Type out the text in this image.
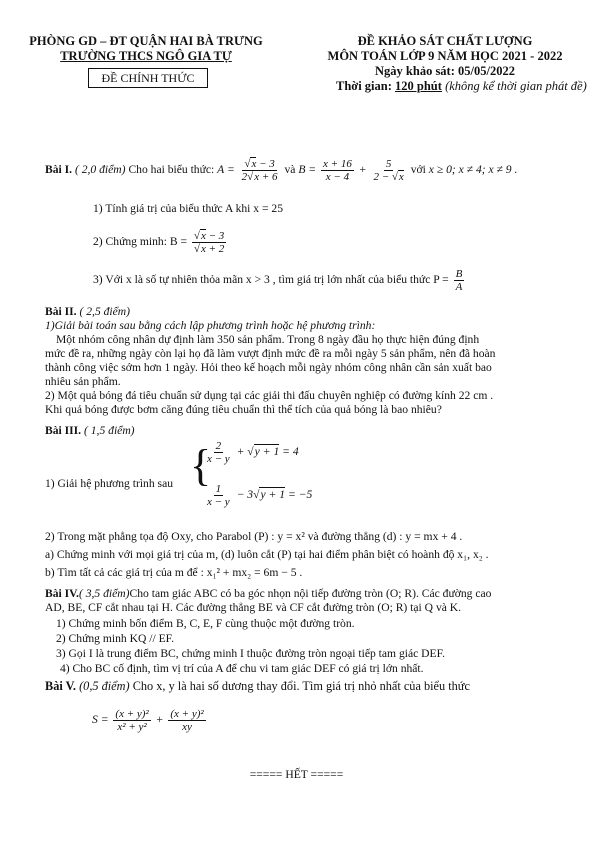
PHÒNG GD – ĐT QUẬN HAI BÀ TRƯNG
TRƯỜNG THCS NGÔ GIA TỰ
ĐỀ CHÍNH THỨC
ĐỀ KHẢO SÁT CHẤT LƯỢNG
MÔN TOÁN LỚP 9 NĂM HỌC 2021 - 2022
Ngày khảo sát: 05/05/2022
Thời gian: 120 phút (không kể thời gian phát đề)
Bài I. ( 2,0 điểm) Cho hai biểu thức: $A = \frac{√x - 3}{2√x + 6}$ và $B = \frac{x + 16}{x - 4} + \frac{5}{2 - √x}$ với x ≥ 0; x ≠ 4; x ≠ 9 .
1) Tính giá trị của biểu thức A khi x = 25
2) Chứng minh: $B = \frac{√x - 3}{√x + 2}$
3) Với x là số tự nhiên thỏa mãn x > 3 , tìm giá trị lớn nhất của biểu thức $P = \frac{B}{A}$
Bài II. ( 2,5 điểm)
1)Giải bài toán sau bằng cách lập phương trình hoặc hệ phương trình:
Một nhóm công nhân dự định làm 350 sản phẩm. Trong 8 ngày đầu họ thực hiện đúng định
mức đề ra, những ngày còn lại họ đã làm vượt định mức đề ra mỗi ngày 5 sản phẩm, nên đã hoàn
thành công việc sớm hơn 1 ngày. Hỏi theo kế hoạch mỗi ngày nhóm công nhân cần sản xuất bao
nhiêu sản phẩm.
2) Một quả bóng đá tiêu chuẩn sử dụng tại các giải thi đấu chuyên nghiệp có đường kính 22 cm .
Khi quả bóng được bơm căng đúng tiêu chuẩn thì thể tích của quả bóng là bao nhiêu?
Bài III. ( 1,5 điểm)
1) Giải hệ phương trình sau {
$\frac{2}{x - y} + √y + 1 = 4$
$\frac{1}{x - y} - 3√y + 1 = -5$
2) Trong mặt phẳng tọa độ Oxy, cho Parabol (P) : y = x² và đường thẳng (d) : y = mx + 4 .
a) Chứng minh với mọi giá trị của m, (d) luôn cắt (P) tại hai điểm phân biệt có hoành độ x₁, x₂ .
b) Tìm tất cả các giá trị của m để : x₁² + mx₂ = 6m − 5 .
Bài IV.( 3,5 điểm)Cho tam giác ABC có ba góc nhọn nội tiếp đường tròn (O; R). Các đường cao
AD, BE, CF cắt nhau tại H. Các đường thẳng BE và CF cắt đường tròn (O; R) tại Q và K.
1) Chứng minh bốn điểm B, C, E, F cùng thuộc một đường tròn.
2) Chứng minh KQ // EF.
3) Gọi I là trung điểm BC, chứng minh I thuộc đường tròn ngoại tiếp tam giác DEF.
4) Cho BC cố định, tìm vị trí của A để chu vi tam giác DEF có giá trị lớn nhất.
Bài V. (0,5 điểm) Cho x, y là hai số dương thay đổi. Tìm giá trị nhỏ nhất của biểu thức
$S = \frac{\text{(x + y)²}}{\text{x² + y²}} + \frac{\text{(x + y)²}}{xy}$
===== HẾT =====
